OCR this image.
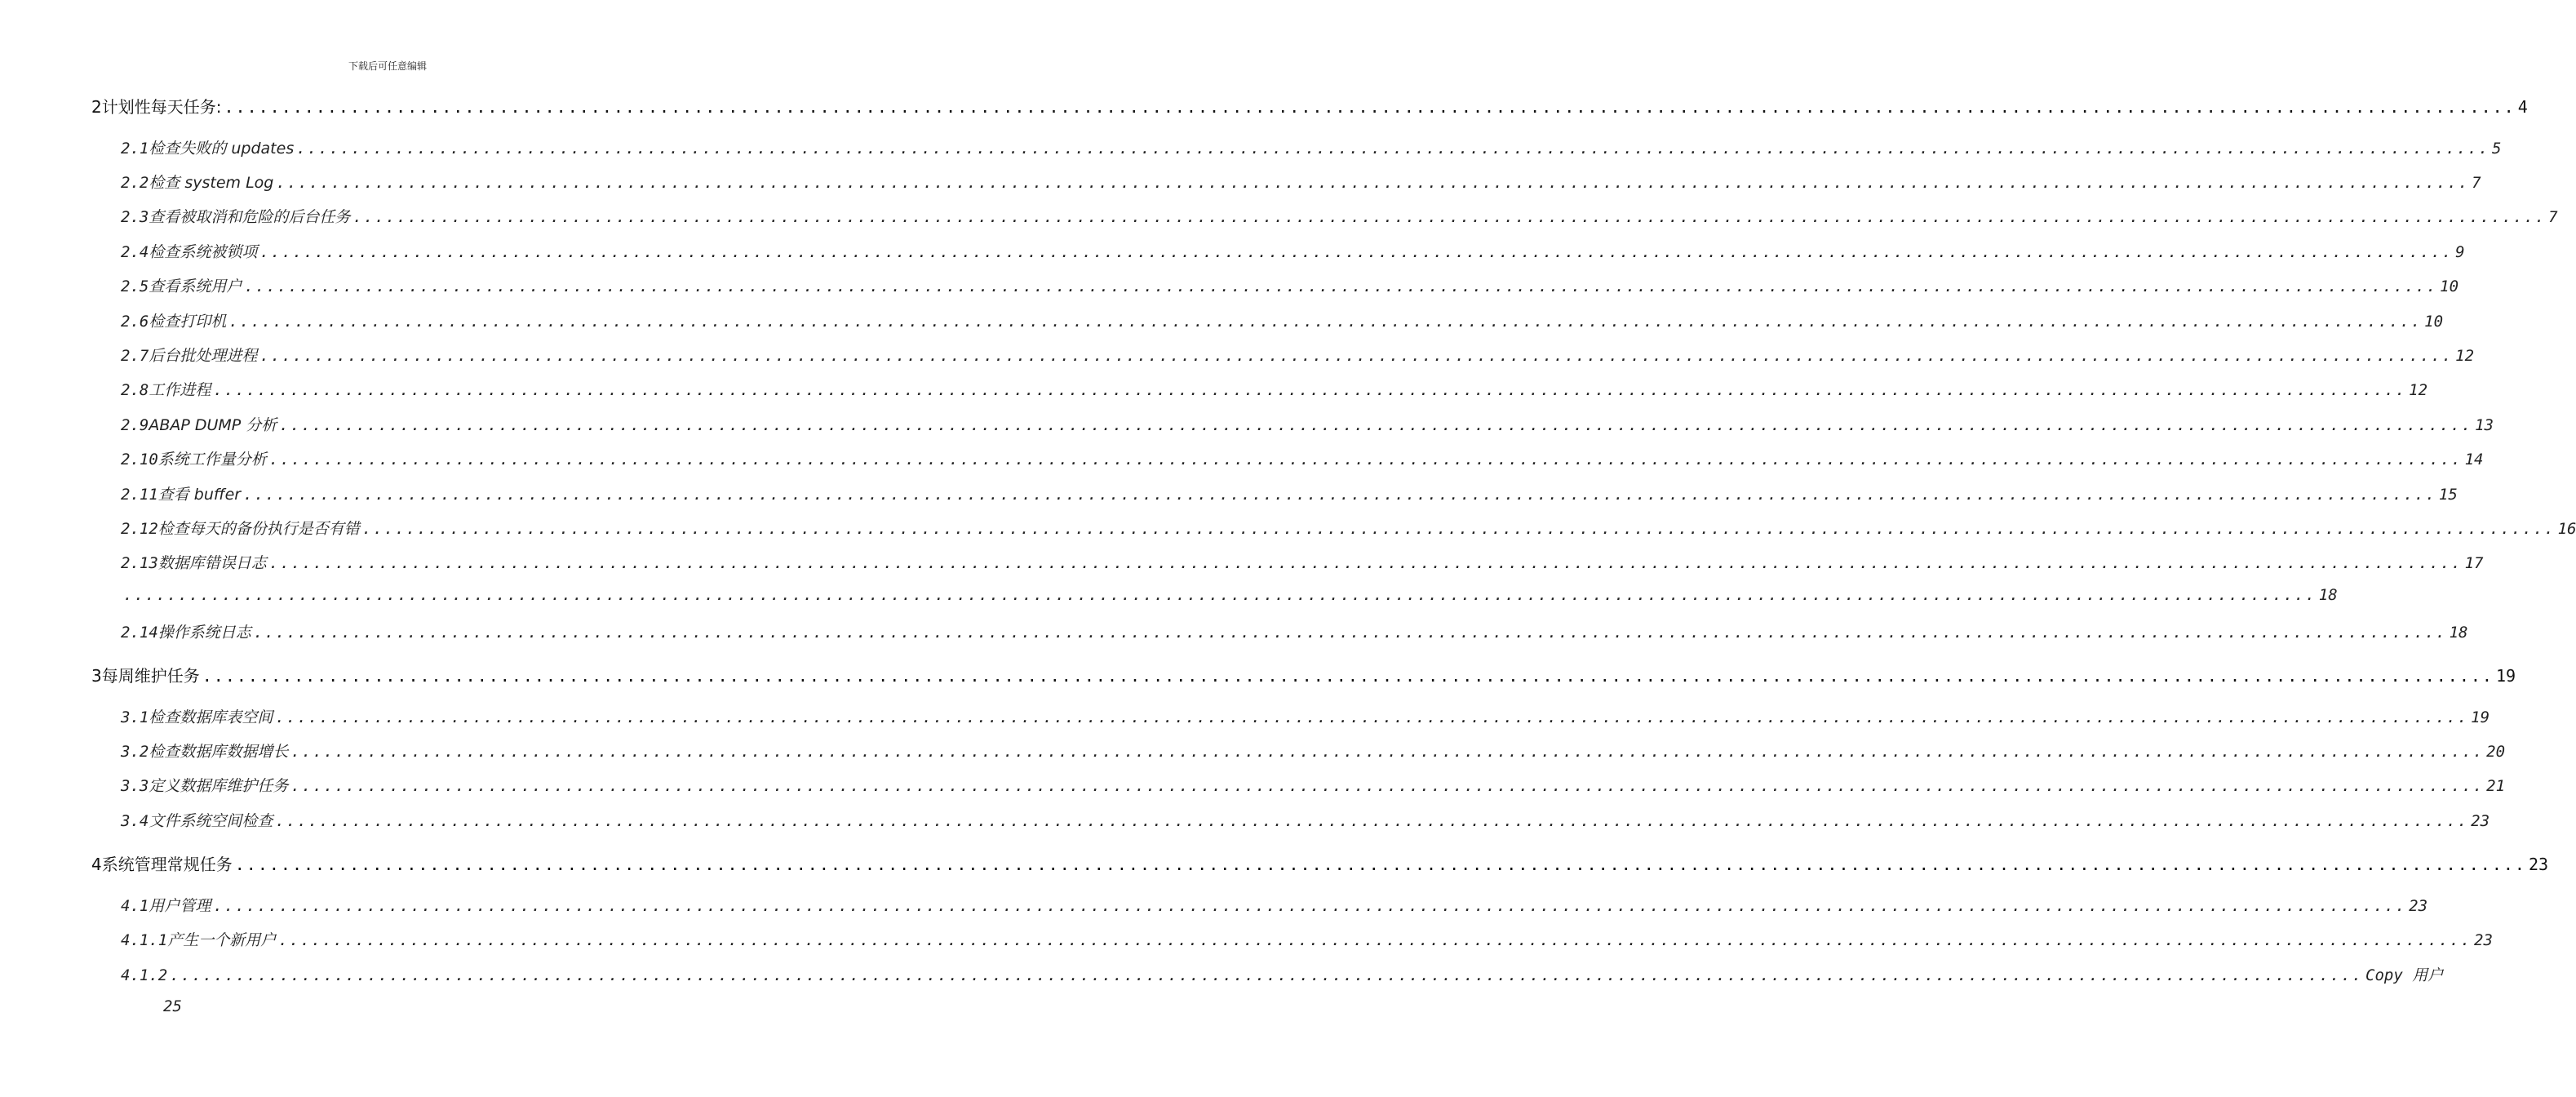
下载后可任意编辑
2 计划性每天任务: ........................................................................................................................................................................................................ 4
2.1 检查失败的 updates ........................................................................................................................................................................................................ 5
2.2 检查 system Log ........................................................................................................................................................................................................ 7
2.3 查看被取消和危险的后台任务 ........................................................................................................................................................................................................ 7
2.4 检查系统被锁项 ........................................................................................................................................................................................................ 9
2.5 查看系统用户 ........................................................................................................................................................................................................ 10
2.6 检查打印机 ........................................................................................................................................................................................................ 10
2.7 后台批处理进程 ........................................................................................................................................................................................................ 12
2.8 工作进程 ........................................................................................................................................................................................................ 12
2.9 ABAP DUMP 分析 ........................................................................................................................................................................................................ 13
2.10 系统工作量分析 ........................................................................................................................................................................................................ 14
2.11 查看 buffer ........................................................................................................................................................................................................ 15
2.12 检查每天的备份执行是否有错 ........................................................................................................................................................................................................ 16
2.13 数据库错误日志 ........................................................................................................................................................................................................ 17
........................................................................................................................................................................................................ 18
2.14 操作系统日志 ........................................................................................................................................................................................................ 18
3 每周维护任务 ........................................................................................................................................................................................................ 19
3.1 检查数据库表空间 ........................................................................................................................................................................................................ 19
3.2 检查数据库数据增长 ........................................................................................................................................................................................................ 20
3.3 定义数据库维护任务 ........................................................................................................................................................................................................ 21
3.4 文件系统空间检查 ........................................................................................................................................................................................................ 23
4 系统管理常规任务 ........................................................................................................................................................................................................ 23
4.1 用户管理 ........................................................................................................................................................................................................ 23
4.1.1 产生一个新用户 ........................................................................................................................................................................................................ 23
4.1.2 ........................................................................................................................................................................................................ Copy 用户
25
